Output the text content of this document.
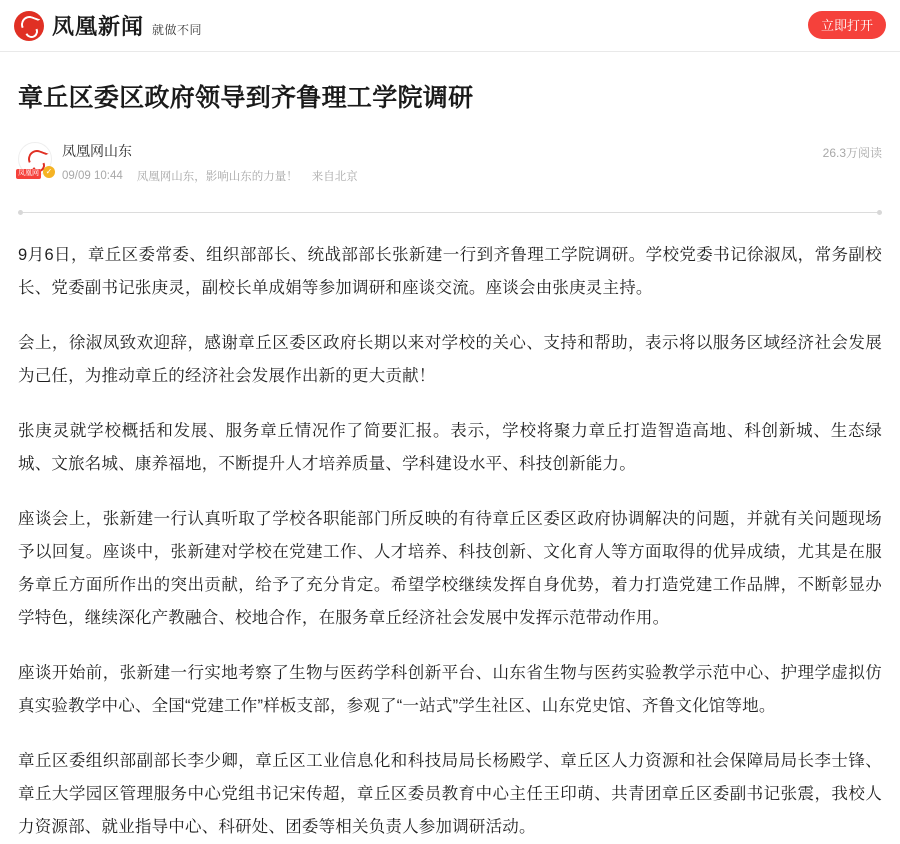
凤凰新闻 就做不同	立即打开
章丘区委区政府领导到齐鲁理工学院调研
凤凰网 ✓
凤凰网山东
09/09 10:44 凤凰网山东，影响山东的力量！ 来自北京
26.3万阅读

9月6日，章丘区委常委、组织部部长、统战部部长张新建一行到齐鲁理工学院调研。学校党委书记徐淑凤，常务副校长、党委副书记张庚灵，副校长单成娟等参加调研和座谈交流。座谈会由张庚灵主持。

会上，徐淑凤致欢迎辞，感谢章丘区委区政府长期以来对学校的关心、支持和帮助，表示将以服务区域经济社会发展为己任，为推动章丘的经济社会发展作出新的更大贡献！

张庚灵就学校概括和发展、服务章丘情况作了简要汇报。表示，学校将聚力章丘打造智造高地、科创新城、生态绿城、文旅名城、康养福地，不断提升人才培养质量、学科建设水平、科技创新能力。

座谈会上，张新建一行认真听取了学校各职能部门所反映的有待章丘区委区政府协调解决的问题，并就有关问题现场予以回复。座谈中，张新建对学校在党建工作、人才培养、科技创新、文化育人等方面取得的优异成绩，尤其是在服务章丘方面所作出的突出贡献，给予了充分肯定。希望学校继续发挥自身优势，着力打造党建工作品牌，不断彰显办学特色，继续深化产教融合、校地合作，在服务章丘经济社会发展中发挥示范带动作用。

座谈开始前，张新建一行实地考察了生物与医药学科创新平台、山东省生物与医药实验教学示范中心、护理学虚拟仿真实验教学中心、全国“党建工作”样板支部，参观了“一站式”学生社区、山东党史馆、齐鲁文化馆等地。

章丘区委组织部副部长李少卿，章丘区工业信息化和科技局局长杨殿学、章丘区人力资源和社会保障局局长李士锋、章丘大学园区管理服务中心党组书记宋传超，章丘区委员教育中心主任王印萌、共青团章丘区委副书记张震，我校人力资源部、就业指导中心、科研处、团委等相关负责人参加调研活动。
